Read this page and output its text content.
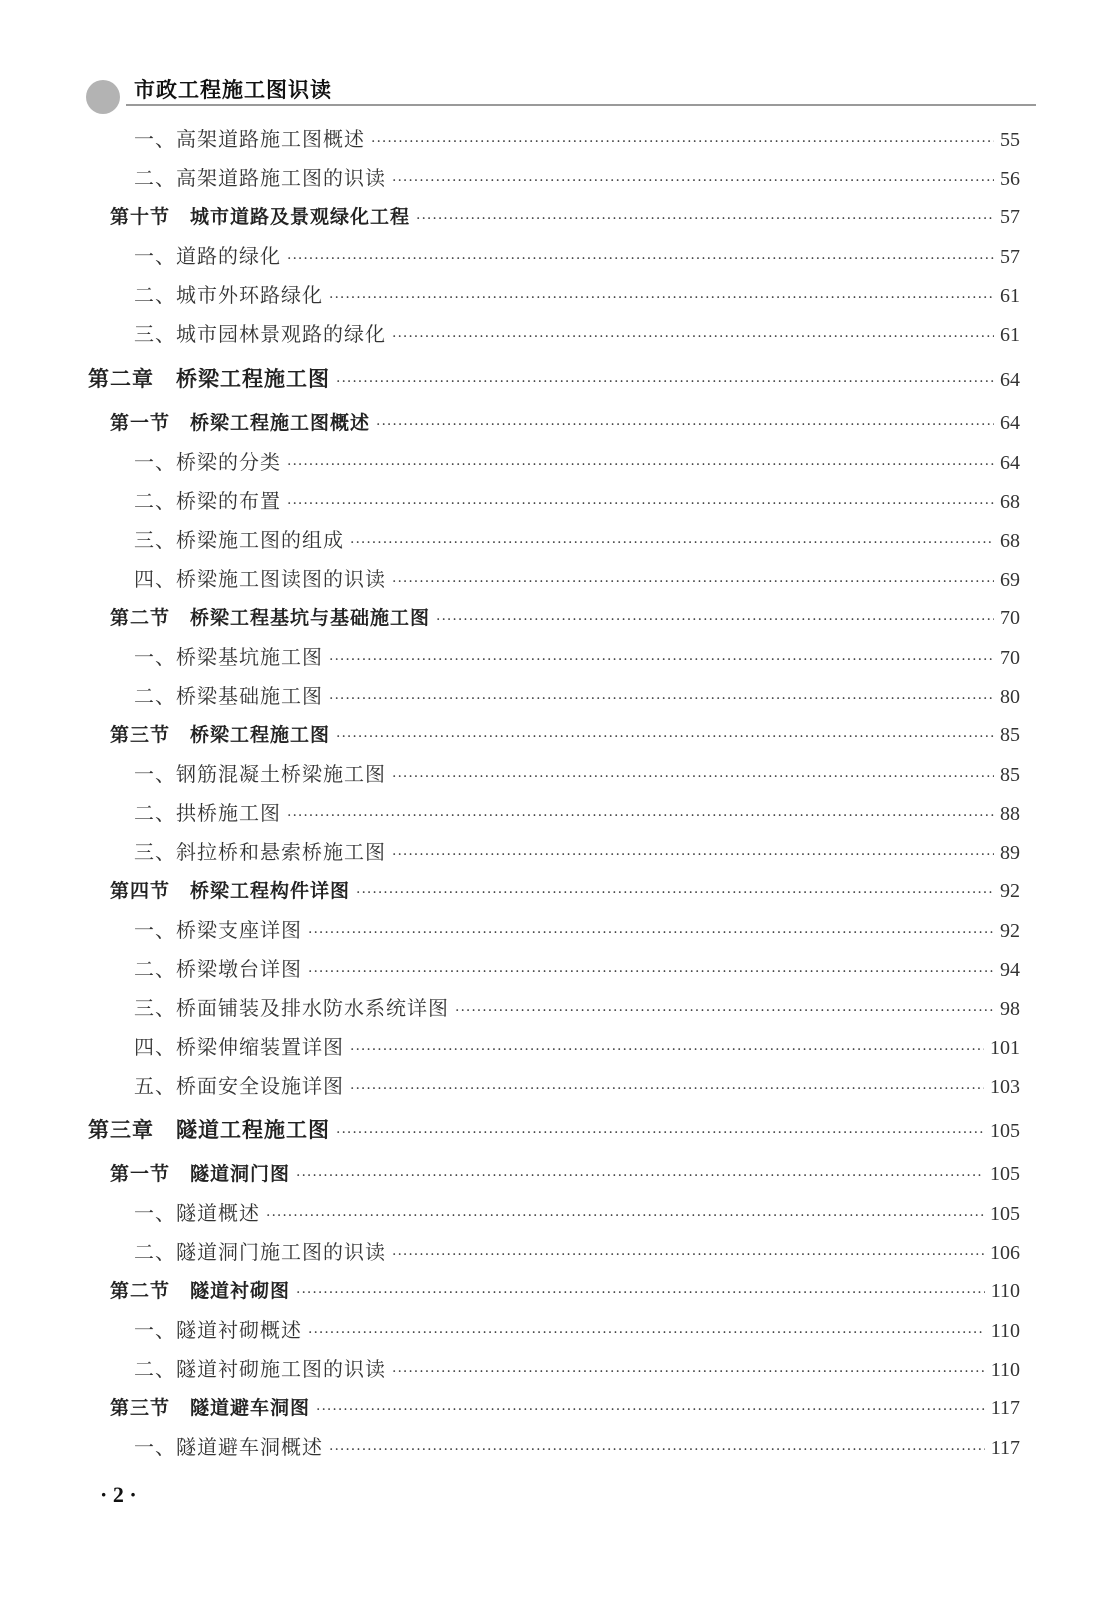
市政工程施工图识读
一、高架道路施工图概述 ·····	55
二、高架道路施工图的识读 ·····	56
第十节　城市道路及景观绿化工程 ·····	57
一、道路的绿化 ·····	57
二、城市外环路绿化 ·····	61
三、城市园林景观路的绿化 ·····	61
第二章　桥梁工程施工图 ·····	64
第一节　桥梁工程施工图概述 ·····	64
一、桥梁的分类 ·····	64
二、桥梁的布置 ·····	68
三、桥梁施工图的组成 ·····	68
四、桥梁施工图读图的识读 ·····	69
第二节　桥梁工程基坑与基础施工图 ·····	70
一、桥梁基坑施工图 ·····	70
二、桥梁基础施工图 ·····	80
第三节　桥梁工程施工图 ·····	85
一、钢筋混凝土桥梁施工图 ·····	85
二、拱桥施工图 ·····	88
三、斜拉桥和悬索桥施工图 ·····	89
第四节　桥梁工程构件详图 ·····	92
一、桥梁支座详图 ·····	92
二、桥梁墩台详图 ·····	94
三、桥面铺装及排水防水系统详图 ·····	98
四、桥梁伸缩装置详图 ·····	101
五、桥面安全设施详图 ·····	103
第三章　隧道工程施工图 ·····	105
第一节　隧道洞门图 ·····	105
一、隧道概述 ·····	105
二、隧道洞门施工图的识读 ·····	106
第二节　隧道衬砌图 ·····	110
一、隧道衬砌概述 ·····	110
二、隧道衬砌施工图的识读 ·····	110
第三节　隧道避车洞图 ·····	117
一、隧道避车洞概述 ·····	117
· 2 ·
